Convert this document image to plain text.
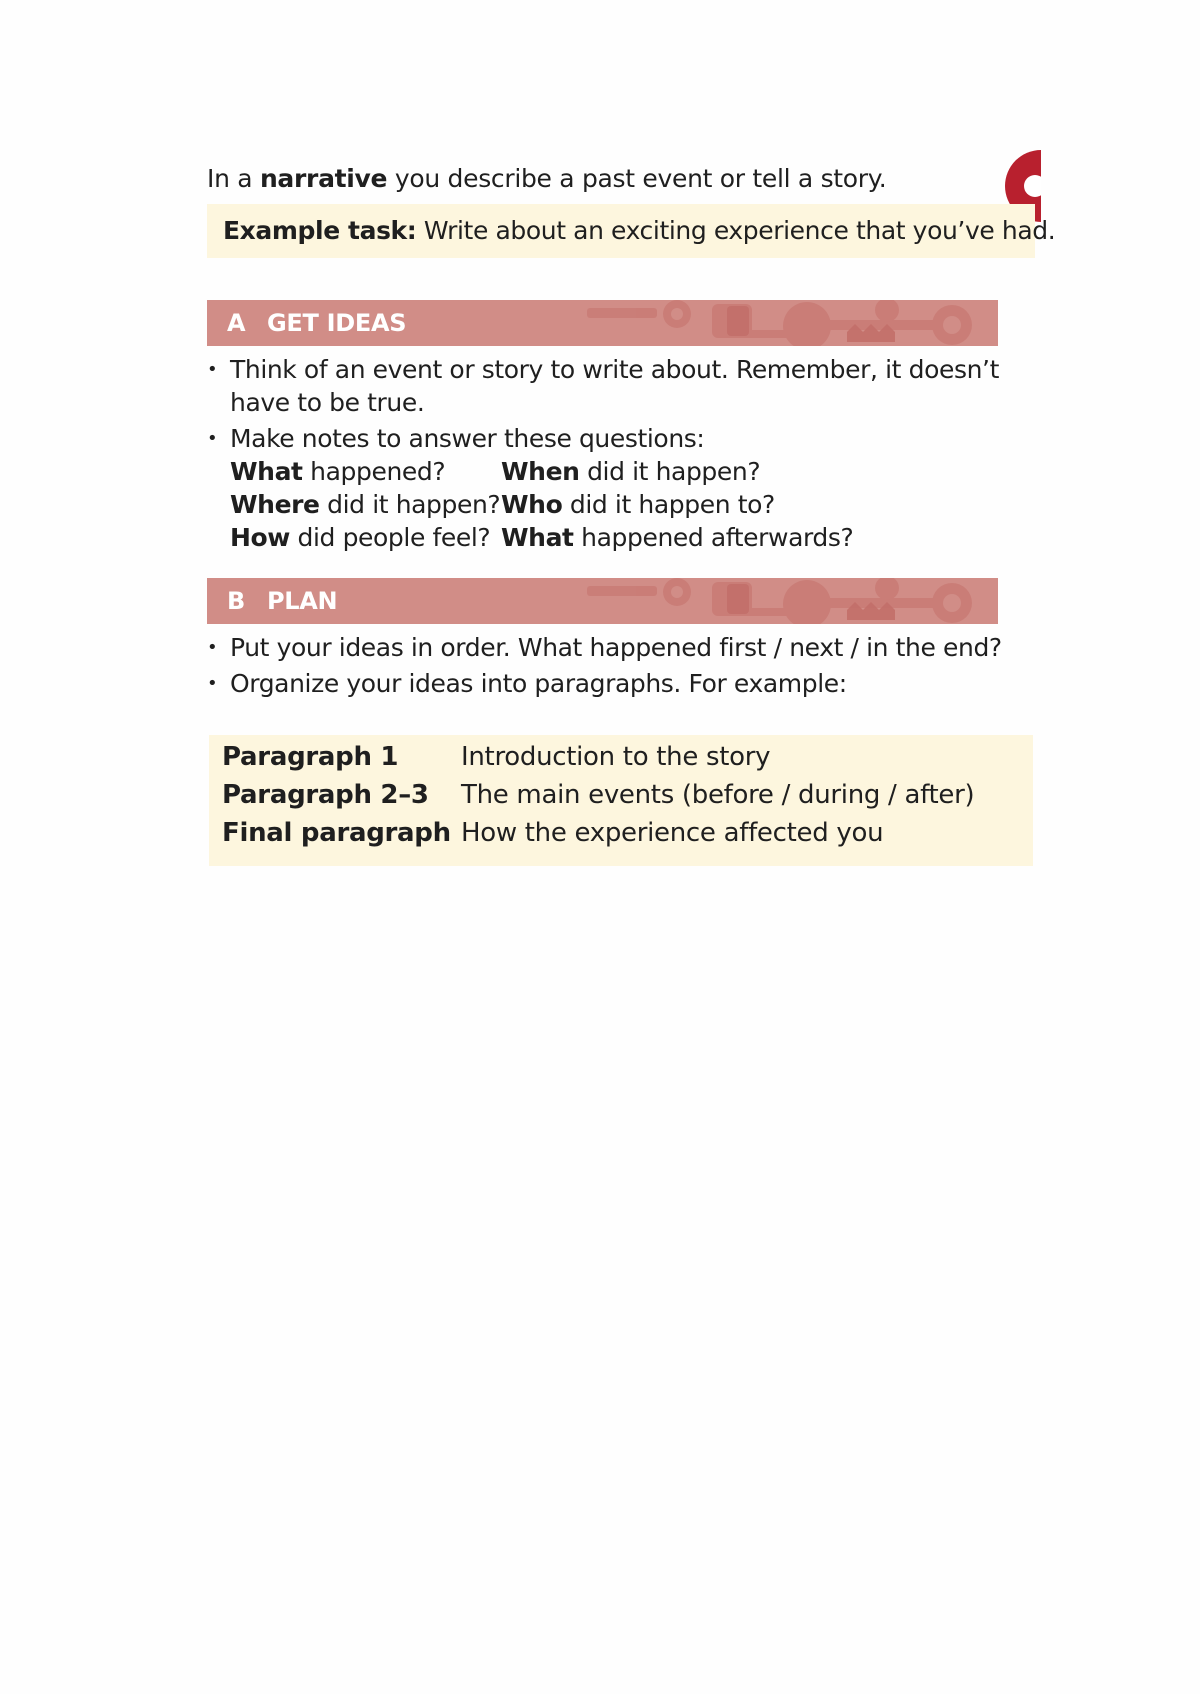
In a narrative you describe a past event or tell a story.
Example task: Write about an exciting experience that you’ve had.
A GET IDEAS
• Think of an event or story to write about. Remember, it doesn’t
have to be true.
• Make notes to answer these questions:
What happened? When did it happen?
Where did it happen? Who did it happen to?
How did people feel? What happened afterwards?
B PLAN
• Put your ideas in order. What happened first / next / in the end?
• Organize your ideas into paragraphs. For example:
Paragraph 1 Introduction to the story
Paragraph 2–3 The main events (before / during / after)
Final paragraph How the experience affected you
